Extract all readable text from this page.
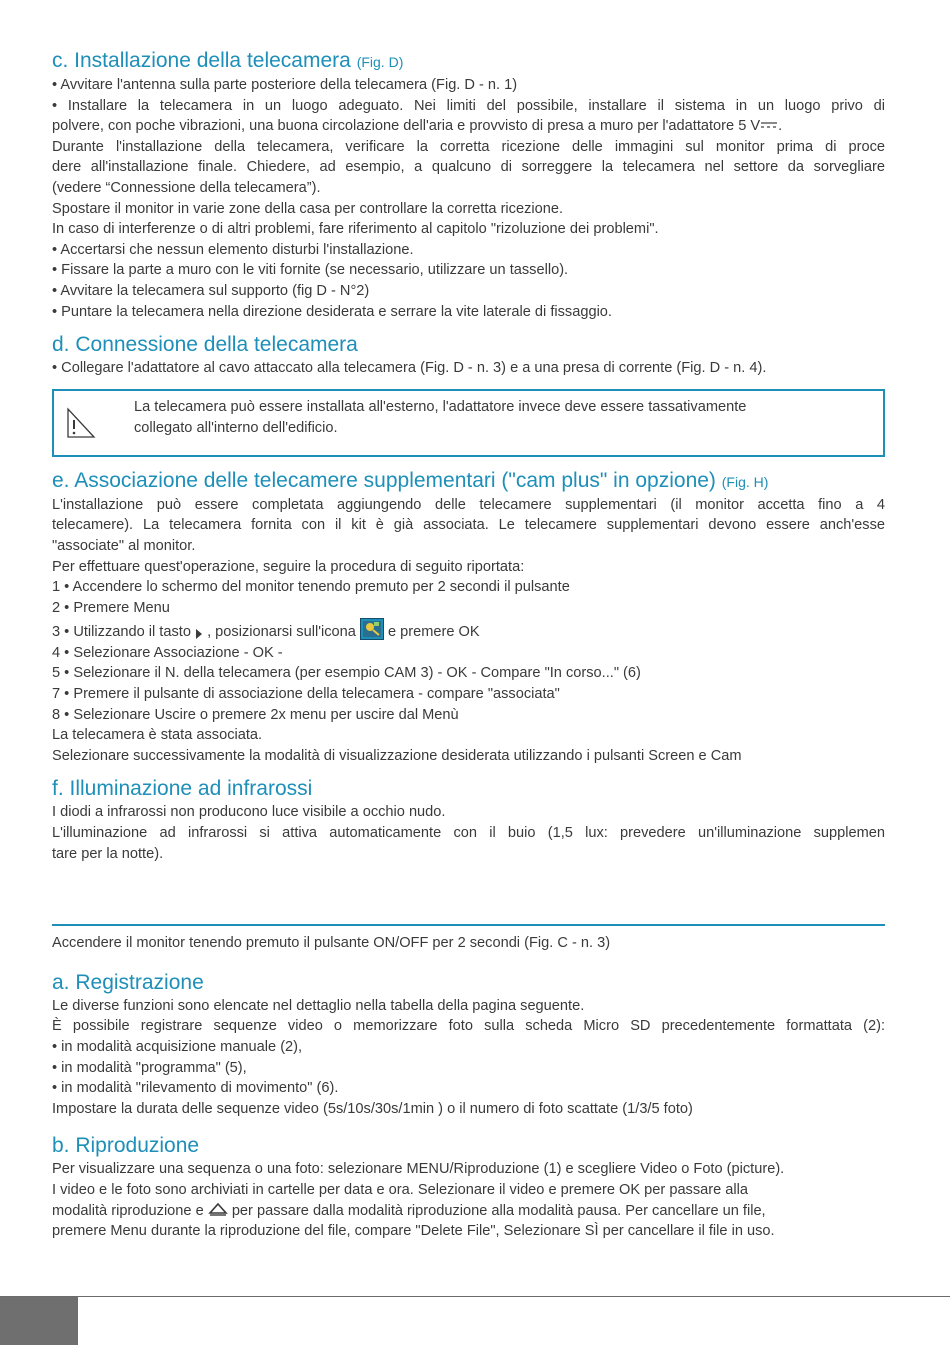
c. Installazione della telecamera (Fig. D)
• Avvitare l'antenna sulla parte posteriore della telecamera (Fig. D - n. 1)
• Installare la telecamera in un luogo adeguato. Nei limiti del possibile, installare il sistema in un luogo privo di
polvere, con poche vibrazioni, una buona circolazione dell'aria e provvisto di presa a muro per l'adattatore 5 V .
Durante l'installazione della telecamera, verificare la corretta ricezione delle immagini sul monitor prima di proce
dere all'installazione finale. Chiedere, ad esempio, a qualcuno di sorreggere la telecamera nel settore da sorvegliare
(vedere “Connessione della telecamera”).
Spostare il monitor in varie zone della casa per controllare la corretta ricezione.
In caso di interferenze o di altri problemi, fare riferimento al capitolo "rizoluzione dei problemi".
• Accertarsi che nessun elemento disturbi l'installazione.
• Fissare la parte a muro con le viti fornite (se necessario, utilizzare un tassello).
• Avvitare la telecamera sul supporto (fig D - N°2)
• Puntare la telecamera nella direzione desiderata e serrare la vite laterale di fissaggio.
d. Connessione della telecamera
• Collegare l'adattatore al cavo attaccato alla telecamera (Fig. D - n. 3) e a una presa di corrente (Fig. D - n. 4).
La telecamera può essere installata all'esterno, l'adattatore invece deve essere tassativamente
collegato all'interno dell'edificio.
e. Associazione delle telecamere supplementari ("cam plus" in opzione) (Fig. H)
L'installazione può essere completata aggiungendo delle telecamere supplementari (il monitor accetta fino a 4
telecamere). La telecamera fornita con il kit è già associata. Le telecamere supplementari devono essere anch'esse
"associate" al monitor.
Per effettuare quest'operazione, seguire la procedura di seguito riportata:
1 • Accendere lo schermo del monitor tenendo premuto per 2 secondi il pulsante
2 • Premere Menu
3 • Utilizzando il tasto  , posizionarsi sull'icona  e premere OK
4 • Selezionare Associazione - OK -
5 • Selezionare il N. della telecamera (per esempio CAM 3) - OK - Compare "In corso..." (6)
7 • Premere il pulsante di associazione della telecamera - compare "associata"
8 • Selezionare Uscire o premere 2x menu per uscire dal Menù
La telecamera è stata associata.
Selezionare successivamente la modalità di visualizzazione desiderata utilizzando i pulsanti Screen e Cam
f. Illuminazione ad infrarossi
I diodi a infrarossi non producono luce visibile a occhio nudo.
L'illuminazione ad infrarossi si attiva automaticamente con il buio (1,5 lux: prevedere un'illuminazione supplemen
tare per la notte).
Accendere il monitor tenendo premuto il pulsante ON/OFF per 2 secondi (Fig. C - n. 3)
a. Registrazione
Le diverse funzioni sono elencate nel dettaglio nella tabella della pagina seguente.
È possibile registrare sequenze video o memorizzare foto sulla scheda Micro SD precedentemente formattata (2):
• in modalità acquisizione manuale (2),
• in modalità "programma" (5),
• in modalità "rilevamento di movimento" (6).
Impostare la durata delle sequenze video (5s/10s/30s/1min ) o il numero di foto scattate (1/3/5 foto)
b. Riproduzione
Per visualizzare una sequenza o una foto: selezionare MENU/Riproduzione (1) e scegliere Video o Foto (picture).
I video e le foto sono archiviati in cartelle per data e ora. Selezionare il video e premere OK per passare alla
modalità riproduzione e  per passare dalla modalità riproduzione alla modalità pausa. Per cancellare un file,
premere Menu durante la riproduzione del file, compare "Delete File", Selezionare SÌ per cancellare il file in uso.
